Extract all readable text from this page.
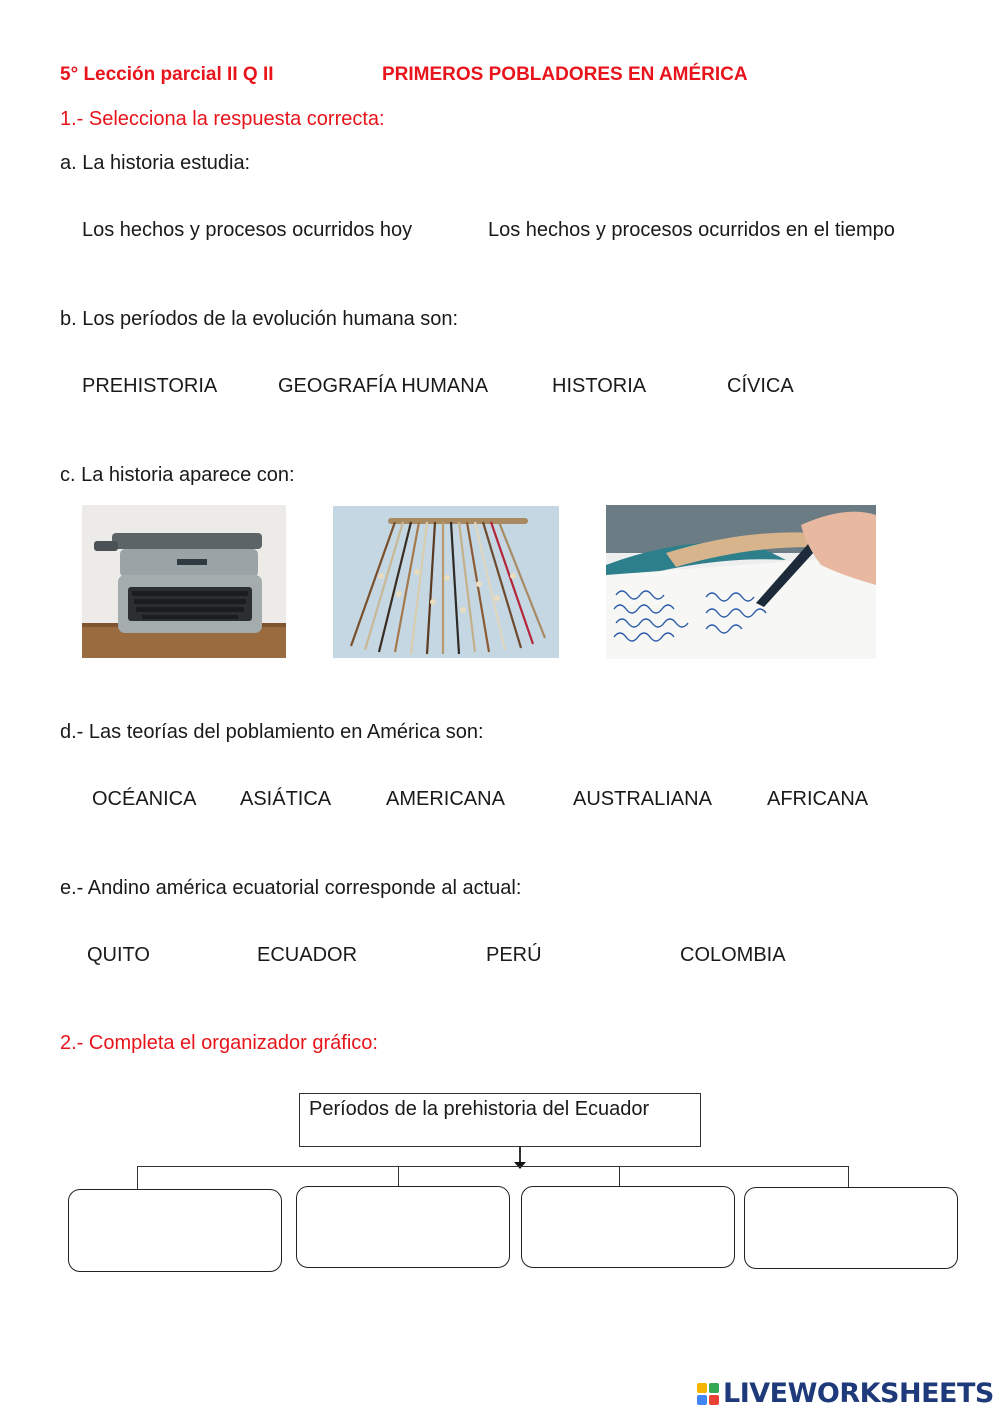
5° Lección parcial II Q II	PRIMEROS POBLADORES EN AMÉRICA
1.- Selecciona la respuesta correcta:
a. La historia estudia:
Los hechos y procesos ocurridos hoy	Los hechos y procesos ocurridos en el tiempo
b. Los períodos de la evolución humana son:
PREHISTORIA	GEOGRAFÍA HUMANA	HISTORIA	CÍVICA
c. La historia aparece con:
d.- Las teorías del poblamiento en América son:
OCÉANICA ASIÁTICA	AMERICANA	AUSTRALIANA	AFRICANA
e.- Andino américa ecuatorial corresponde al actual:
QUITO	ECUADOR	PERÚ	COLOMBIA
2.- Completa el organizador gráfico:
Períodos de la prehistoria del Ecuador
LIVEWORKSHEETS
